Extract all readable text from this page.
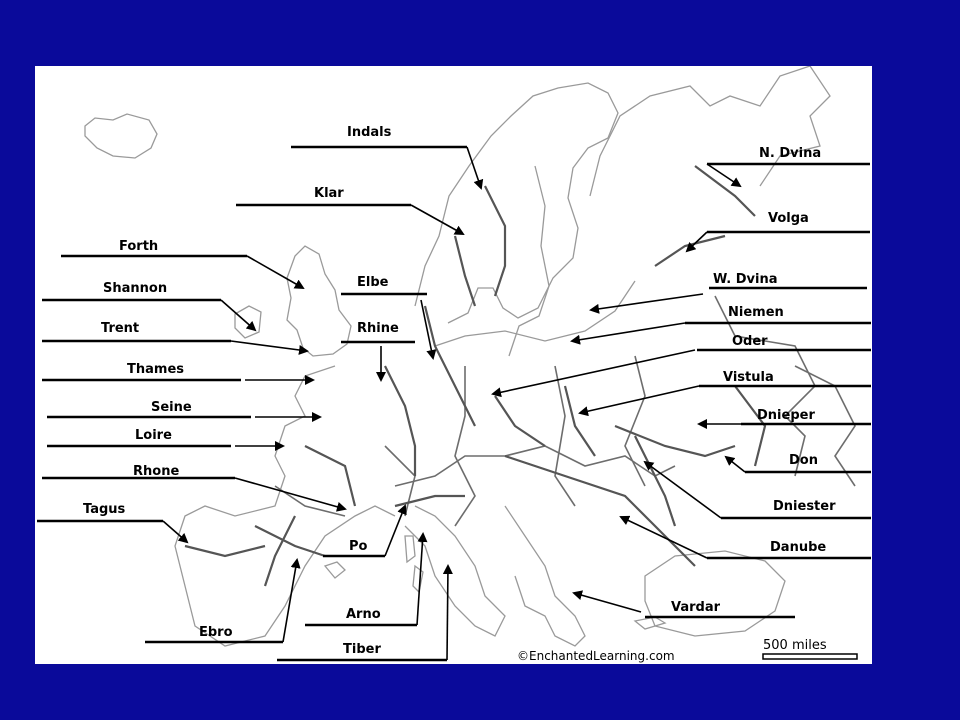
Indals
Klar
Forth
Shannon
Trent
Thames
Seine
Loire
Rhone
Tagus
Elbe
Rhine
Po
Arno
Tiber
Ebro
N. Dvina
Volga
W. Dvina
Niemen
Oder
Vistula
Dnieper
Don
Dniester
Danube
Vardar
©EnchantedLearning.com
500 miles
